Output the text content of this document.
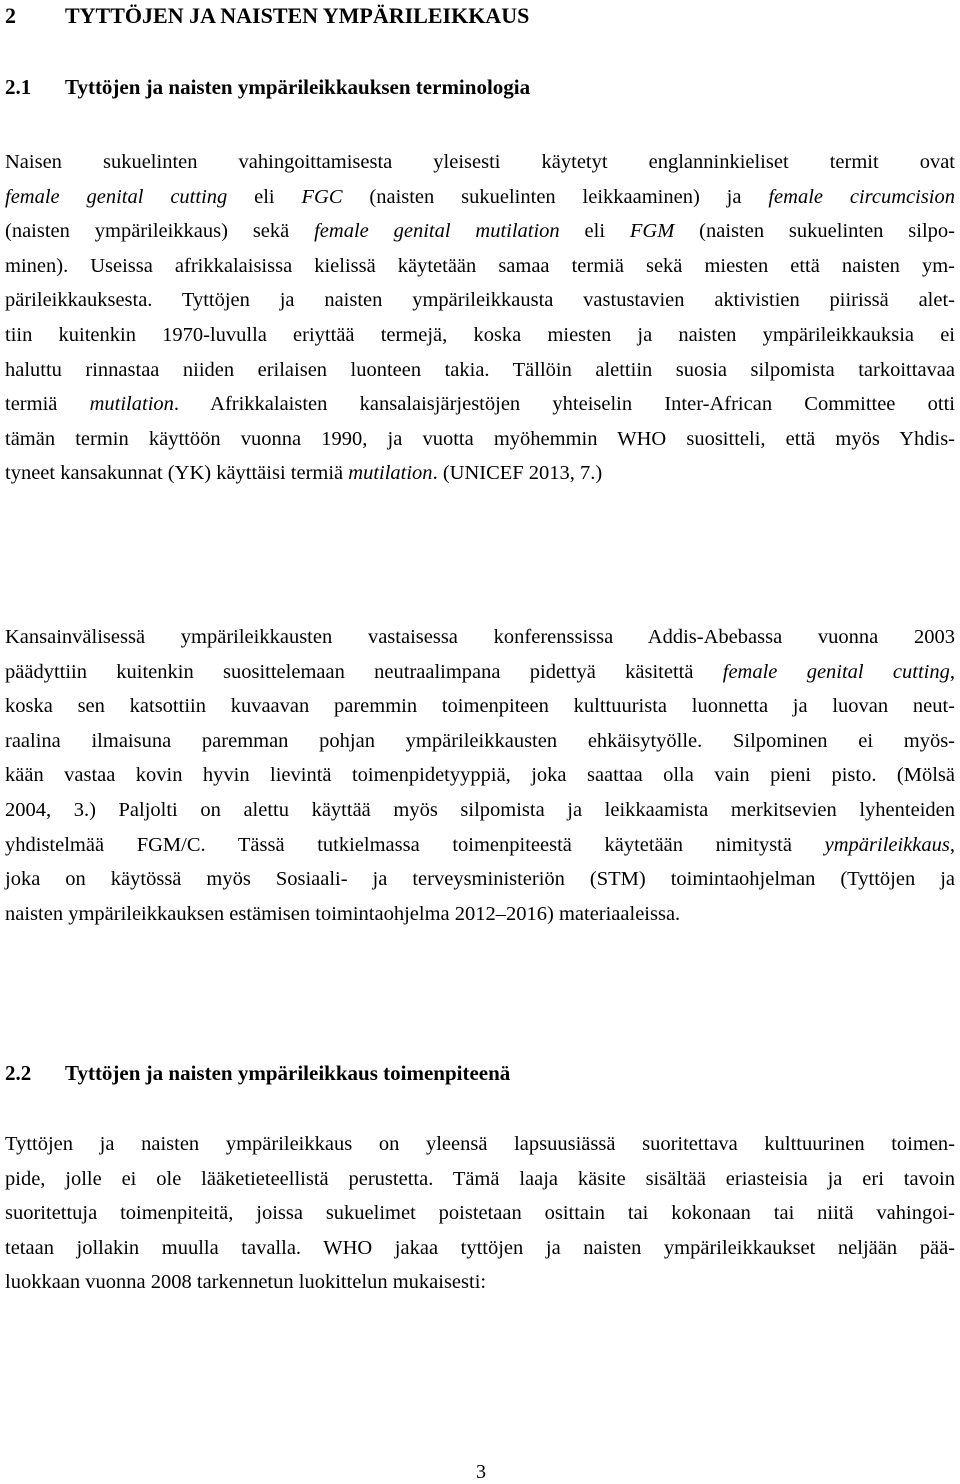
2 TYTTÖJEN JA NAISTEN YMPÄRILEIKKAUS
2.1 Tyttöjen ja naisten ympärileikkauksen terminologia
Naisen sukuelinten vahingoittamisesta yleisesti käytetyt englanninkieliset termit ovat
female genital cutting eli FGC (naisten sukuelinten leikkaaminen) ja female circumcision
(naisten ympärileikkaus) sekä female genital mutilation eli FGM (naisten sukuelinten silpo-
minen). Useissa afrikkalaisissa kielissä käytetään samaa termiä sekä miesten että naisten ym-
pärileikkauksesta. Tyttöjen ja naisten ympärileikkausta vastustavien aktivistien piirissä alet-
tiin kuitenkin 1970-luvulla eriyttää termejä, koska miesten ja naisten ympärileikkauksia ei
haluttu rinnastaa niiden erilaisen luonteen takia. Tällöin alettiin suosia silpomista tarkoittavaa
termiä mutilation. Afrikkalaisten kansalaisjärjestöjen yhteiselin Inter-African Committee otti
tämän termin käyttöön vuonna 1990, ja vuotta myöhemmin WHO suositteli, että myös Yhdis-
tyneet kansakunnat (YK) käyttäisi termiä mutilation. (UNICEF 2013, 7.)
Kansainvälisessä ympärileikkausten vastaisessa konferenssissa Addis-Abebassa vuonna 2003
päädyttiin kuitenkin suosittelemaan neutraalimpana pidettyä käsitettä female genital cutting,
koska sen katsottiin kuvaavan paremmin toimenpiteen kulttuurista luonnetta ja luovan neut-
raalina ilmaisuna paremman pohjan ympärileikkausten ehkäisytyölle. Silpominen ei myös-
kään vastaa kovin hyvin lievintä toimenpidetyyppiä, joka saattaa olla vain pieni pisto. (Mölsä
2004, 3.) Paljolti on alettu käyttää myös silpomista ja leikkaamista merkitsevien lyhenteiden
yhdistelmää FGM/C. Tässä tutkielmassa toimenpiteestä käytetään nimitystä ympärileikkaus,
joka on käytössä myös Sosiaali- ja terveysministeriön (STM) toimintaohjelman (Tyttöjen ja
naisten ympärileikkauksen estämisen toimintaohjelma 2012–2016) materiaaleissa.
2.2 Tyttöjen ja naisten ympärileikkaus toimenpiteenä
Tyttöjen ja naisten ympärileikkaus on yleensä lapsuusiässä suoritettava kulttuurinen toimen-
pide, jolle ei ole lääketieteellistä perustetta. Tämä laaja käsite sisältää eriasteisia ja eri tavoin
suoritettuja toimenpiteitä, joissa sukuelimet poistetaan osittain tai kokonaan tai niitä vahingoi-
tetaan jollakin muulla tavalla. WHO jakaa tyttöjen ja naisten ympärileikkaukset neljään pää-
luokkaan vuonna 2008 tarkennetun luokittelun mukaisesti:
3
